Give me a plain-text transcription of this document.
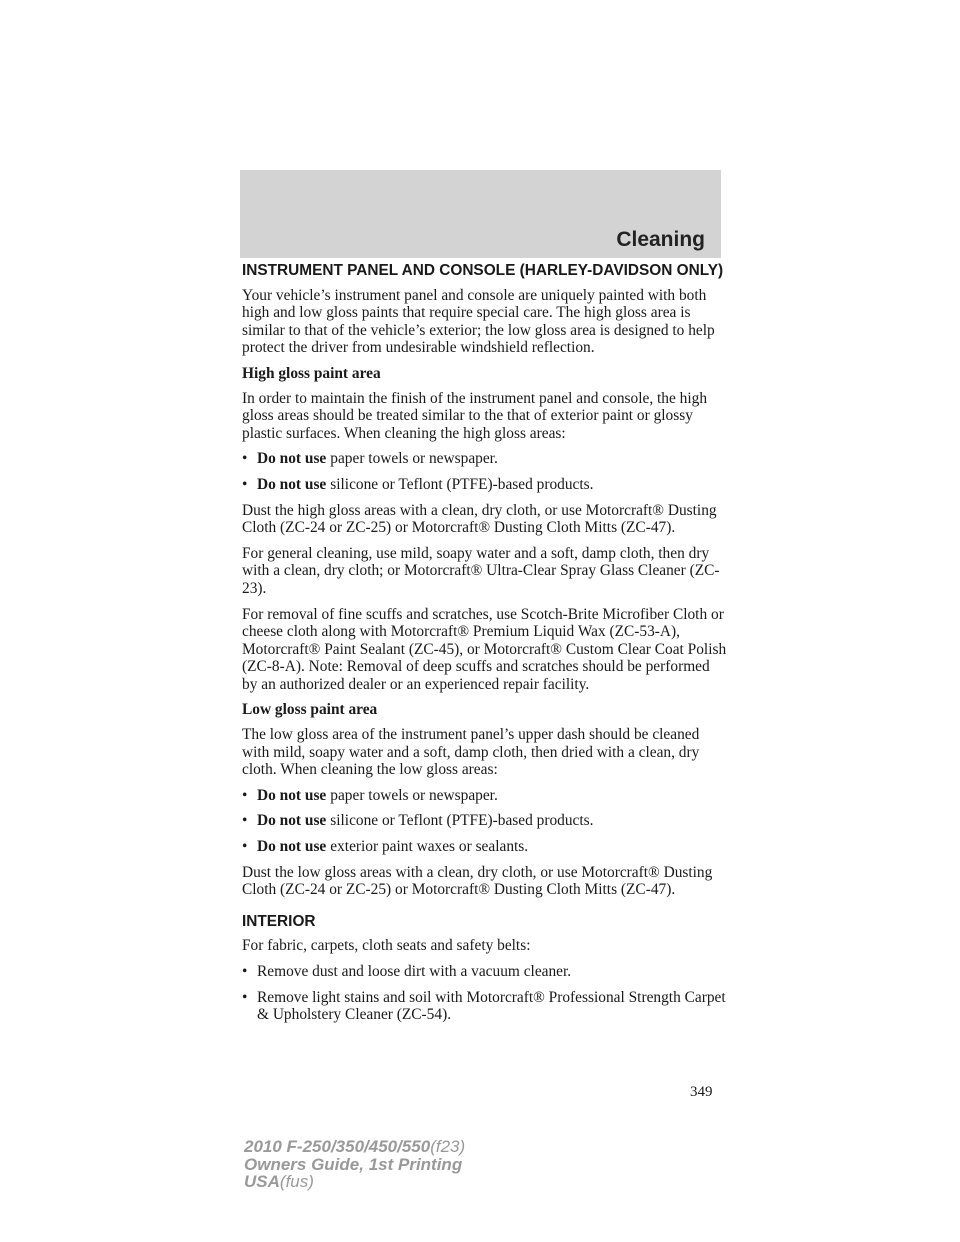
Cleaning
INSTRUMENT PANEL AND CONSOLE (HARLEY-DAVIDSON ONLY)

Your vehicle’s instrument panel and console are uniquely painted with both high and low gloss paints that require special care. The high gloss area is similar to that of the vehicle’s exterior; the low gloss area is designed to help protect the driver from undesirable windshield reflection.

High gloss paint area

In order to maintain the finish of the instrument panel and console, the high gloss areas should be treated similar to the that of exterior paint or glossy plastic surfaces. When cleaning the high gloss areas:

• Do not use paper towels or newspaper.
• Do not use silicone or Teflont (PTFE)-based products.

Dust the high gloss areas with a clean, dry cloth, or use Motorcraft® Dusting Cloth (ZC-24 or ZC-25) or Motorcraft® Dusting Cloth Mitts (ZC-47).

For general cleaning, use mild, soapy water and a soft, damp cloth, then dry with a clean, dry cloth; or Motorcraft® Ultra-Clear Spray Glass Cleaner (ZC-23).

For removal of fine scuffs and scratches, use Scotch-Brite Microfiber Cloth or cheese cloth along with Motorcraft® Premium Liquid Wax (ZC-53-A), Motorcraft® Paint Sealant (ZC-45), or Motorcraft® Custom Clear Coat Polish (ZC-8-A). Note: Removal of deep scuffs and scratches should be performed by an authorized dealer or an experienced repair facility.

Low gloss paint area

The low gloss area of the instrument panel’s upper dash should be cleaned with mild, soapy water and a soft, damp cloth, then dried with a clean, dry cloth. When cleaning the low gloss areas:

• Do not use paper towels or newspaper.
• Do not use silicone or Teflont (PTFE)-based products.
• Do not use exterior paint waxes or sealants.

Dust the low gloss areas with a clean, dry cloth, or use Motorcraft® Dusting Cloth (ZC-24 or ZC-25) or Motorcraft® Dusting Cloth Mitts (ZC-47).

INTERIOR

For fabric, carpets, cloth seats and safety belts:

• Remove dust and loose dirt with a vacuum cleaner.
• Remove light stains and soil with Motorcraft® Professional Strength Carpet & Upholstery Cleaner (ZC-54).
349
2010 F-250/350/450/550(f23)
Owners Guide, 1st Printing
USA(fus)
